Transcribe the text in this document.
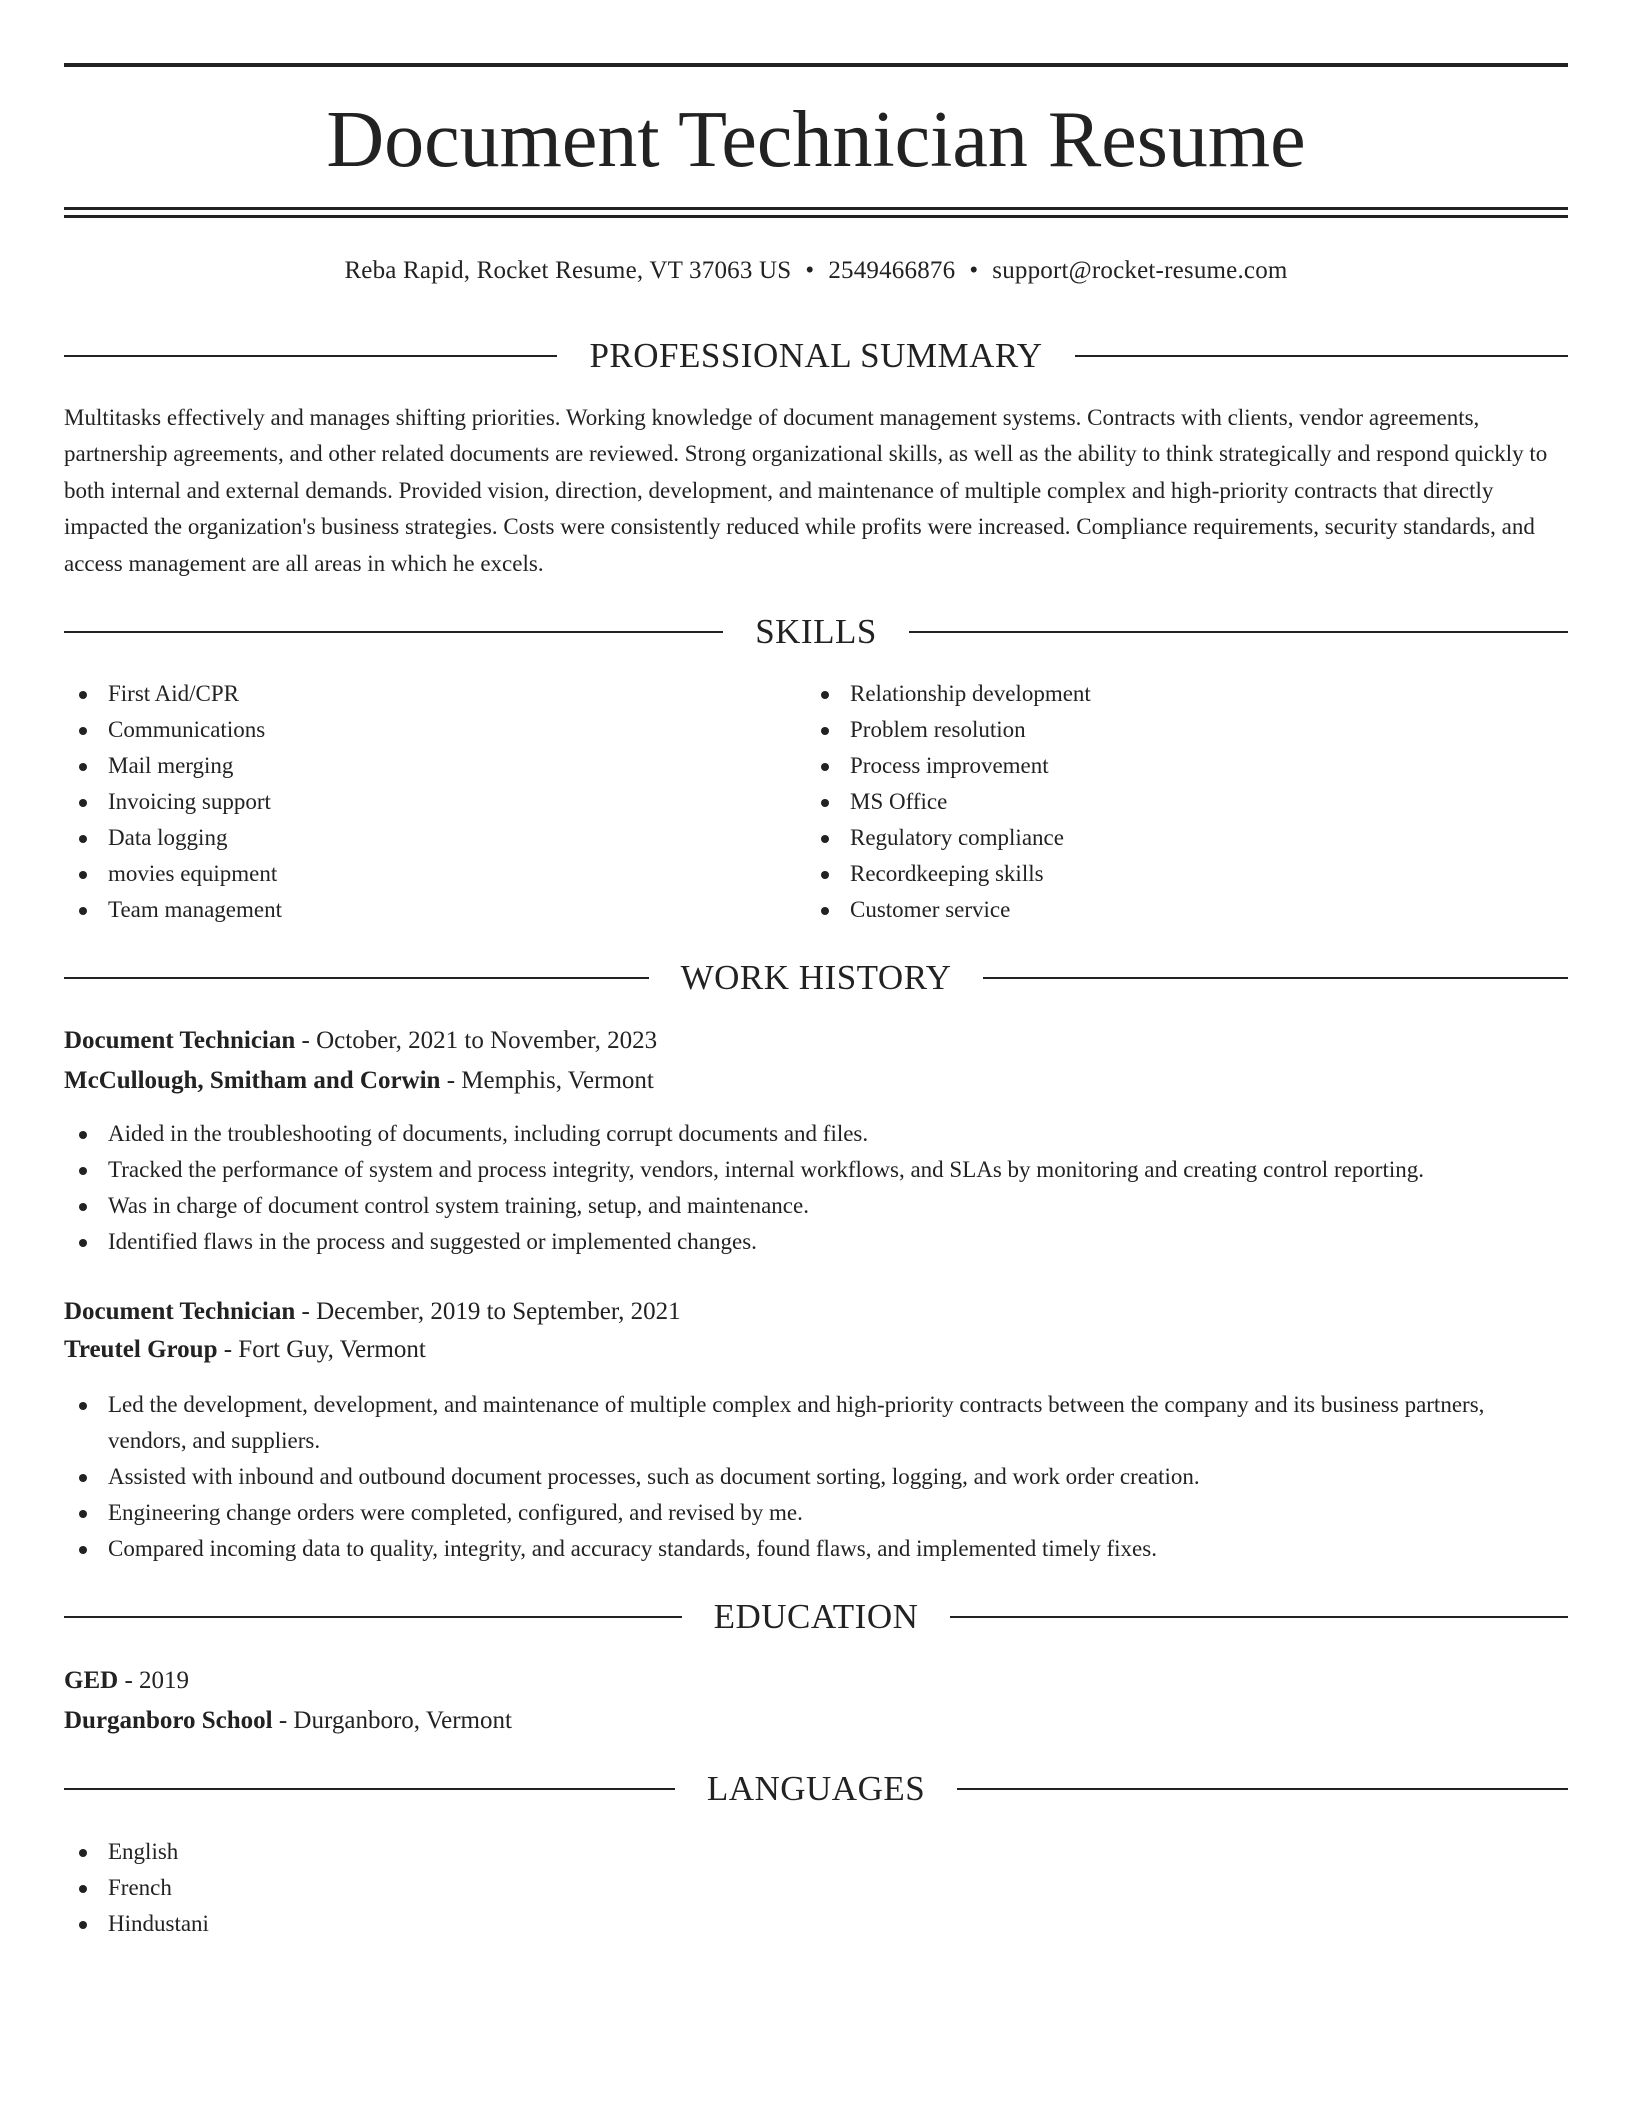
Document Technician Resume
Reba Rapid, Rocket Resume, VT 37063 US • 2549466876 • support@rocket-resume.com
PROFESSIONAL SUMMARY
Multitasks effectively and manages shifting priorities. Working knowledge of document management systems. Contracts with clients, vendor agreements, partnership agreements, and other related documents are reviewed. Strong organizational skills, as well as the ability to think strategically and respond quickly to both internal and external demands. Provided vision, direction, development, and maintenance of multiple complex and high-priority contracts that directly impacted the organization's business strategies. Costs were consistently reduced while profits were increased. Compliance requirements, security standards, and access management are all areas in which he excels.
SKILLS
First Aid/CPR
Communications
Mail merging
Invoicing support
Data logging
movies equipment
Team management
Relationship development
Problem resolution
Process improvement
MS Office
Regulatory compliance
Recordkeeping skills
Customer service
WORK HISTORY
Document Technician - October, 2021 to November, 2023
McCullough, Smitham and Corwin - Memphis, Vermont
Aided in the troubleshooting of documents, including corrupt documents and files.
Tracked the performance of system and process integrity, vendors, internal workflows, and SLAs by monitoring and creating control reporting.
Was in charge of document control system training, setup, and maintenance.
Identified flaws in the process and suggested or implemented changes.
Document Technician - December, 2019 to September, 2021
Treutel Group - Fort Guy, Vermont
Led the development, development, and maintenance of multiple complex and high-priority contracts between the company and its business partners, vendors, and suppliers.
Assisted with inbound and outbound document processes, such as document sorting, logging, and work order creation.
Engineering change orders were completed, configured, and revised by me.
Compared incoming data to quality, integrity, and accuracy standards, found flaws, and implemented timely fixes.
EDUCATION
GED - 2019
Durganboro School - Durganboro, Vermont
LANGUAGES
English
French
Hindustani
